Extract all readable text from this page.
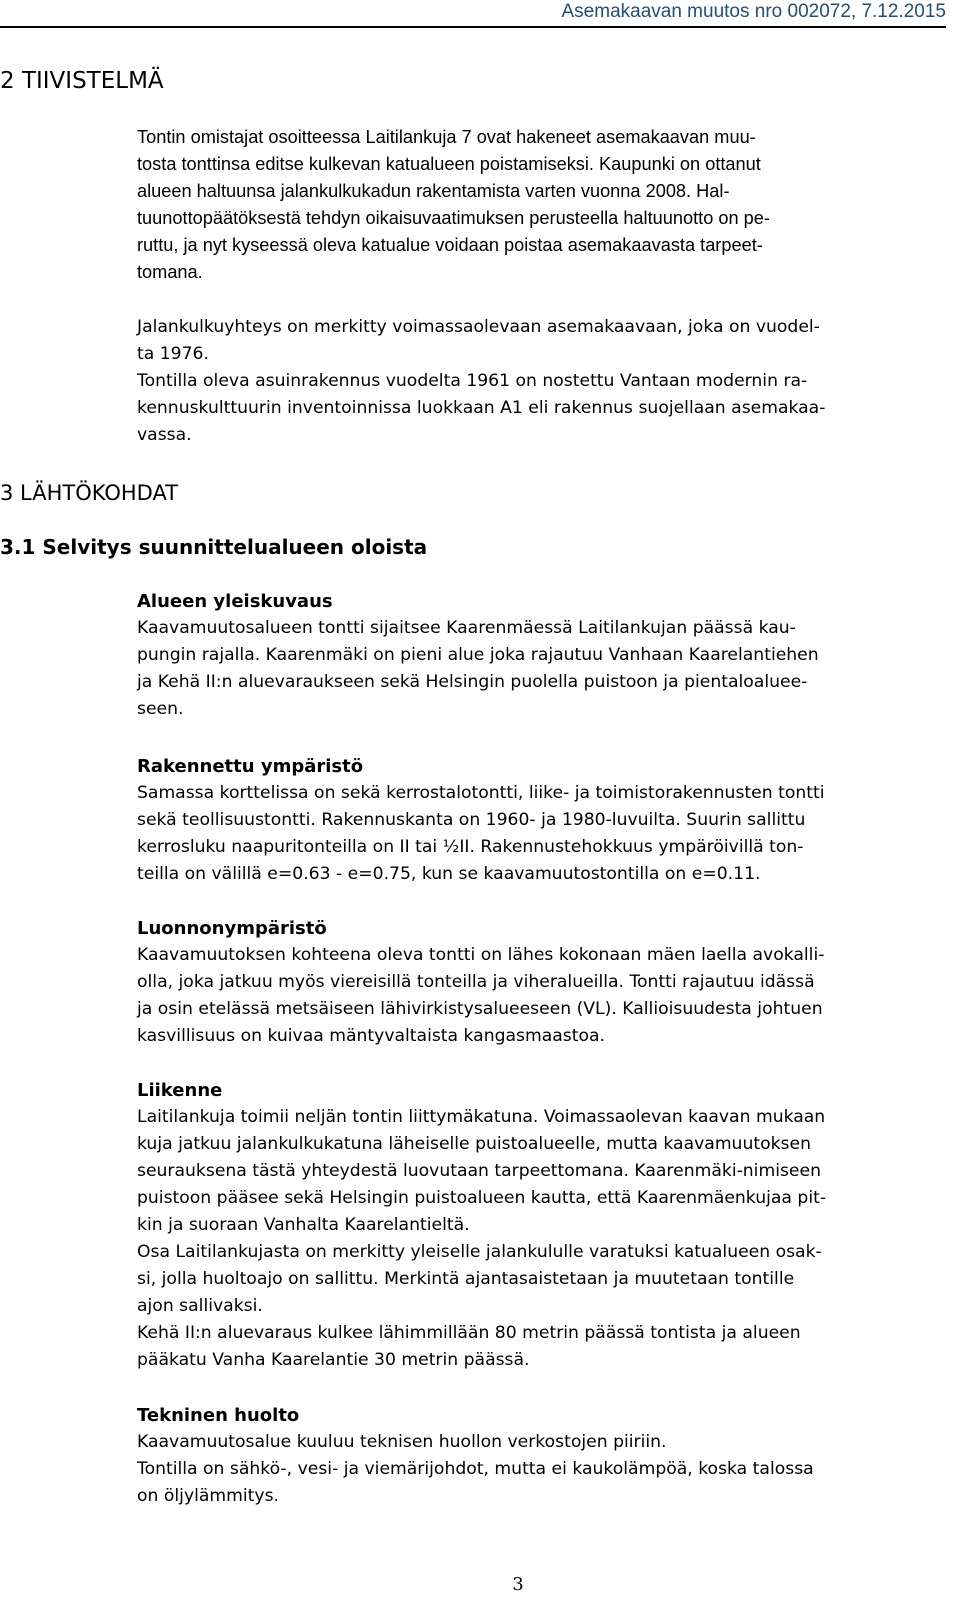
Asemakaavan muutos nro 002072, 7.12.2015
2 TIIVISTELMÄ

Tontin omistajat osoitteessa Laitilankuja 7 ovat hakeneet asemakaavan muu-
tosta tonttinsa editse kulkevan katualueen poistamiseksi. Kaupunki on ottanut
alueen haltuunsa jalankulkukadun rakentamista varten vuonna 2008. Hal-
tuunottopäätöksestä tehdyn oikaisuvaatimuksen perusteella haltuunotto on pe-
ruttu, ja nyt kyseessä oleva katualue voidaan poistaa asemakaavasta tarpeet-
tomana.

Jalankulkuyhteys on merkitty voimassaolevaan asemakaavaan, joka on vuodel-
ta 1976.
Tontilla oleva asuinrakennus vuodelta 1961 on nostettu Vantaan modernin ra-
kennuskulttuurin inventoinnissa luokkaan A1 eli rakennus suojellaan asemakaa-
vassa.

3 LÄHTÖKOHDAT
3.1 Selvitys suunnittelualueen oloista

Alueen yleiskuvaus

Kaavamuutosalueen tontti sijaitsee Kaarenmäessä Laitilankujan päässä kau-
pungin rajalla. Kaarenmäki on pieni alue joka rajautuu Vanhaan Kaarelantiehen
ja Kehä II:n aluevaraukseen sekä Helsingin puolella puistoon ja pientaloaluee-
seen.

Rakennettu ympäristö

Samassa korttelissa on sekä kerrostalotontti, liike- ja toimistorakennusten tontti
sekä teollisuustontti. Rakennuskanta on 1960- ja 1980-luvuilta. Suurin sallittu
kerrosluku naapuritonteilla on II tai ½II. Rakennustehokkuus ympäröivillä ton-
teilla on välillä e=0.63 - e=0.75, kun se kaavamuutostontilla on e=0.11.

Luonnonympäristö

Kaavamuutoksen kohteena oleva tontti on lähes kokonaan mäen laella avokalli-
olla, joka jatkuu myös viereisillä tonteilla ja viheralueilla. Tontti rajautuu idässä
ja osin etelässä metsäiseen lähivirkistysalueeseen (VL). Kallioisuudesta johtuen
kasvillisuus on kuivaa mäntyvaltaista kangasmaastoa.

Liikenne

Laitilankuja toimii neljän tontin liittymäkatuna. Voimassaolevan kaavan mukaan
kuja jatkuu jalankulkukatuna läheiselle puistoalueelle, mutta kaavamuutoksen
seurauksena tästä yhteydestä luovutaan tarpeettomana. Kaarenmäki-nimiseen
puistoon pääsee sekä Helsingin puistoalueen kautta, että Kaarenmäenkujaa pit-
kin ja suoraan Vanhalta Kaarelantieltä.
Osa Laitilankujasta on merkitty yleiselle jalankululle varatuksi katualueen osak-
si, jolla huoltoajo on sallittu. Merkintä ajantasaistetaan ja muutetaan tontille
ajon sallivaksi.
Kehä II:n aluevaraus kulkee lähimmillään 80 metrin päässä tontista ja alueen
pääkatu Vanha Kaarelantie 30 metrin päässä.

Tekninen huolto

Kaavamuutosalue kuuluu teknisen huollon verkostojen piiriin.
Tontilla on sähkö-, vesi- ja viemärijohdot, mutta ei kaukolämpöä, koska talossa
on öljylämmitys.

3
